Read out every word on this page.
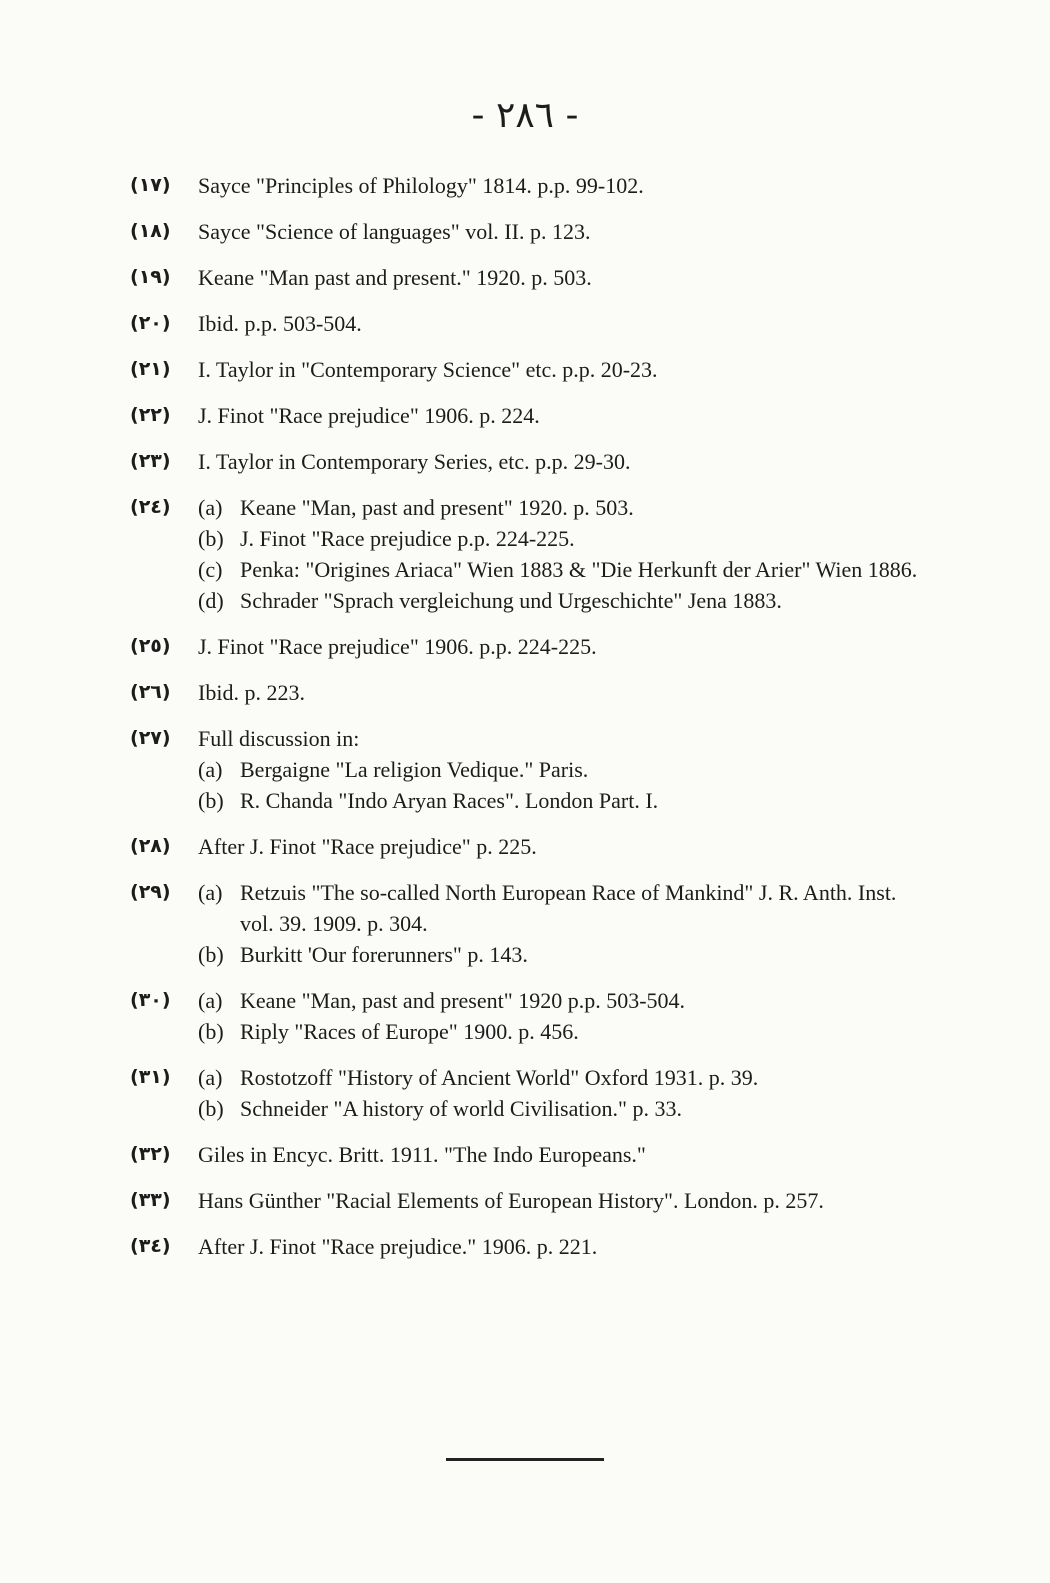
- ٢٨٦ -
(١٧)	Sayce "Principles of Philology" 1814. p.p. 99-102.
(١٨)	Sayce "Science of languages" vol. II. p. 123.
(١٩)	Keane "Man past and present." 1920. p. 503.
(٢٠)	Ibid. p.p. 503-504.
(٢١)	I. Taylor in "Contemporary Science" etc. p.p. 20-23.
(٢٢)	J. Finot "Race prejudice" 1906. p. 224.
(٢٣)	I. Taylor in Contemporary Series, etc. p.p. 29-30.
(٢٤)	(a) Keane "Man, past and present" 1920. p. 503.
(b) J. Finot "Race prejudice p.p. 224-225.
(c) Penka: "Origines Ariaca" Wien 1883 & "Die Herkunft der Arier" Wien 1886.
(d) Schrader "Sprach vergleichung und Urgeschichte" Jena 1883.
(٢٥)	J. Finot "Race prejudice" 1906. p.p. 224-225.
(٢٦)	Ibid. p. 223.
(٢٧)	Full discussion in:
(a) Bergaigne "La religion Vedique." Paris.
(b) R. Chanda "Indo Aryan Races". London Part. I.
(٢٨)	After J. Finot "Race prejudice" p. 225.
(٢٩)	(a) Retzuis "The so-called North European Race of Mankind" J. R. Anth. Inst. vol. 39. 1909. p. 304.
(b) Burkitt 'Our forerunners" p. 143.
(٣٠)	(a) Keane "Man, past and present" 1920 p.p. 503-504.
(b) Riply "Races of Europe" 1900. p. 456.
(٣١)	(a) Rostotzoff "History of Ancient World" Oxford 1931. p. 39.
(b) Schneider "A history of world Civilisation." p. 33.
(٣٢)	Giles in Encyc. Britt. 1911. "The Indo Europeans."
(٣٣)	Hans Günther "Racial Elements of European History". London. p. 257.
(٣٤)	After J. Finot "Race prejudice." 1906. p. 221.
